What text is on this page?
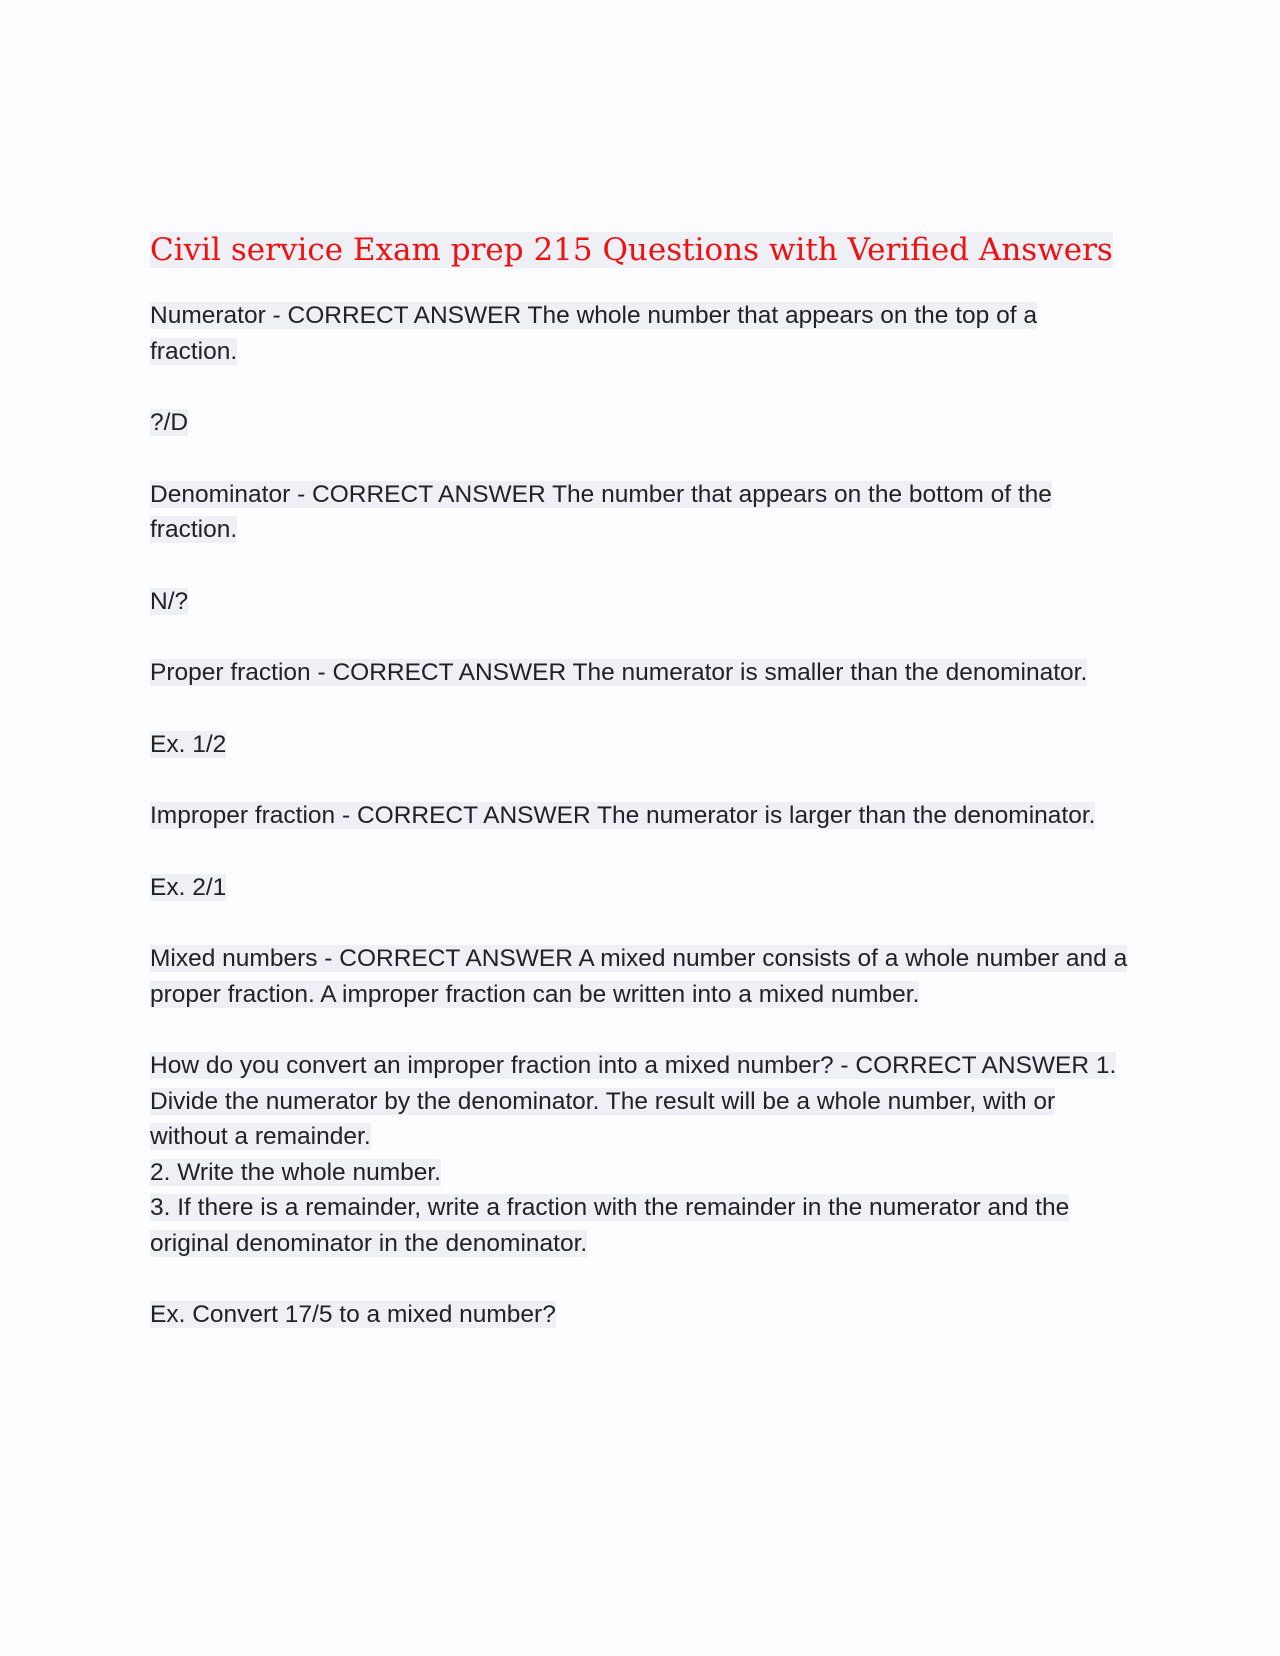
Civil service Exam prep 215 Questions with Verified Answers

Numerator - CORRECT ANSWER The whole number that appears on the top of a fraction.

?/D

Denominator - CORRECT ANSWER The number that appears on the bottom of the fraction.

N/?

Proper fraction - CORRECT ANSWER The numerator is smaller than the denominator.

Ex. 1/2

Improper fraction - CORRECT ANSWER The numerator is larger than the denominator.

Ex. 2/1

Mixed numbers - CORRECT ANSWER A mixed number consists of a whole number and a proper fraction. A improper fraction can be written into a mixed number.

How do you convert an improper fraction into a mixed number? - CORRECT ANSWER 1. Divide the numerator by the denominator. The result will be a whole number, with or without a remainder.
2. Write the whole number.
3. If there is a remainder, write a fraction with the remainder in the numerator and the original denominator in the denominator.

Ex. Convert 17/5 to a mixed number?
